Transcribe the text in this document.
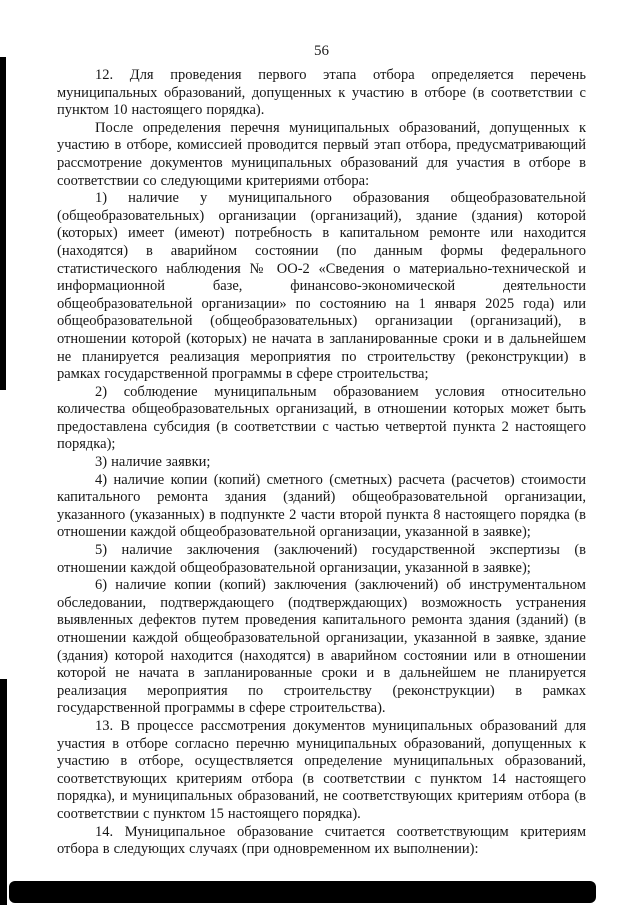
56

12. Для проведения первого этапа отбора определяется перечень муниципальных образований, допущенных к участию в отборе (в соответствии с пунктом 10 настоящего порядка).

После определения перечня муниципальных образований, допущенных к участию в отборе, комиссией проводится первый этап отбора, предусматривающий рассмотрение документов муниципальных образований для участия в отборе в соответствии со следующими критериями отбора:

1) наличие у муниципального образования общеобразовательной (общеобразовательных) организации (организаций), здание (здания) которой (которых) имеет (имеют) потребность в капитальном ремонте или находится (находятся) в аварийном состоянии (по данным формы федерального статистического наблюдения № ОО-2 «Сведения о материально-технической и информационной базе, финансово-экономической деятельности общеобразовательной организации» по состоянию на 1 января 2025 года) или общеобразовательной (общеобразовательных) организации (организаций), в отношении которой (которых) не начата в запланированные сроки и в дальнейшем не планируется реализация мероприятия по строительству (реконструкции) в рамках государственной программы в сфере строительства;

2) соблюдение муниципальным образованием условия относительно количества общеобразовательных организаций, в отношении которых может быть предоставлена субсидия (в соответствии с частью четвертой пункта 2 настоящего порядка);

3) наличие заявки;

4) наличие копии (копий) сметного (сметных) расчета (расчетов) стоимости капитального ремонта здания (зданий) общеобразовательной организации, указанного (указанных) в подпункте 2 части второй пункта 8 настоящего порядка (в отношении каждой общеобразовательной организации, указанной в заявке);

5) наличие заключения (заключений) государственной экспертизы (в отношении каждой общеобразовательной организации, указанной в заявке);

6) наличие копии (копий) заключения (заключений) об инструментальном обследовании, подтверждающего (подтверждающих) возможность устранения выявленных дефектов путем проведения капитального ремонта здания (зданий) (в отношении каждой общеобразовательной организации, указанной в заявке, здание (здания) которой находится (находятся) в аварийном состоянии или в отношении которой не начата в запланированные сроки и в дальнейшем не планируется реализация мероприятия по строительству (реконструкции) в рамках государственной программы в сфере строительства).

13. В процессе рассмотрения документов муниципальных образований для участия в отборе согласно перечню муниципальных образований, допущенных к участию в отборе, осуществляется определение муниципальных образований, соответствующих критериям отбора (в соответствии с пунктом 14 настоящего порядка), и муниципальных образований, не соответствующих критериям отбора (в соответствии с пунктом 15 настоящего порядка).

14. Муниципальное образование считается соответствующим критериям отбора в следующих случаях (при одновременном их выполнении):
